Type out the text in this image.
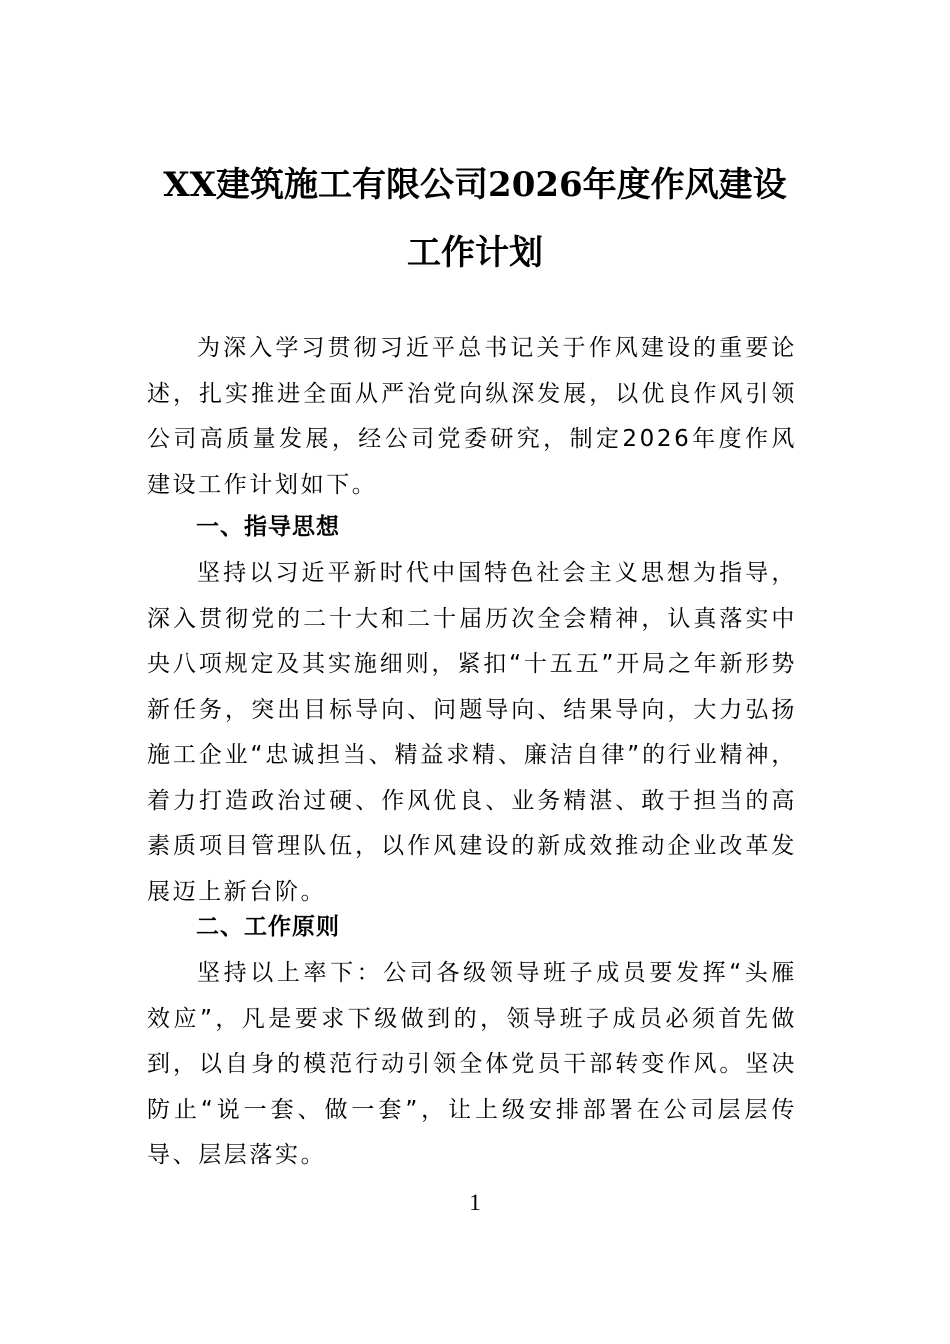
XX建筑施工有限公司2026年度作风建设
工作计划
为深入学习贯彻习近平总书记关于作风建设的重要论述，扎实推进全面从严治党向纵深发展，以优良作风引领公司高质量发展，经公司党委研究，制定2026年度作风建设工作计划如下。
一、指导思想
坚持以习近平新时代中国特色社会主义思想为指导，深入贯彻党的二十大和二十届历次全会精神，认真落实中央八项规定及其实施细则，紧扣“十五五”开局之年新形势新任务，突出目标导向、问题导向、结果导向，大力弘扬施工企业“忠诚担当、精益求精、廉洁自律”的行业精神，着力打造政治过硬、作风优良、业务精湛、敢于担当的高素质项目管理队伍，以作风建设的新成效推动企业改革发展迈上新台阶。
二、工作原则
坚持以上率下：公司各级领导班子成员要发挥“头雁效应”，凡是要求下级做到的，领导班子成员必须首先做到，以自身的模范行动引领全体党员干部转变作风。坚决防止“说一套、做一套”，让上级安排部署在公司层层传导、层层落实。
1
